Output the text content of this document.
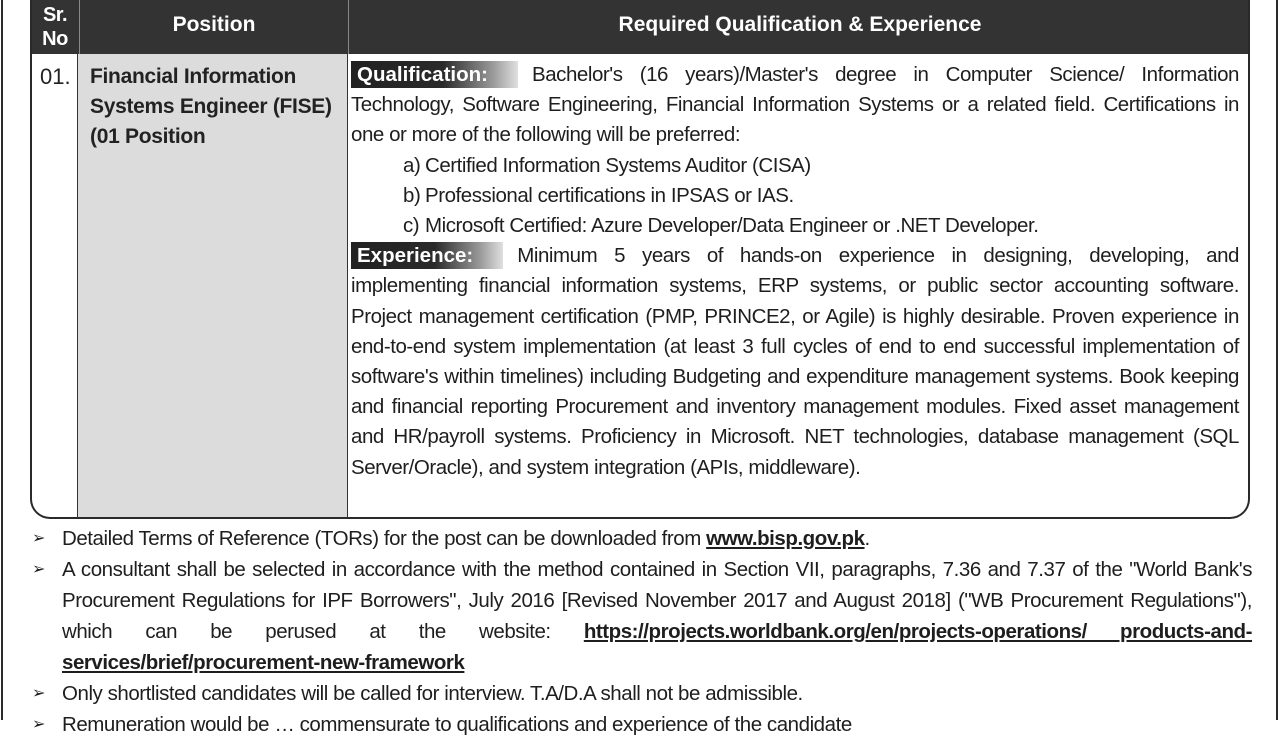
Sr.
No
Position	Required Qualification & Experience
01. Financial Information Systems Engineer (FISE) (01 Position

Qualification: Bachelor's (16 years)/Master's degree in Computer Science/ Information Technology, Software Engineering, Financial Information Systems or a related field. Certifications in one or more of the following will be preferred:

a) Certified Information Systems Auditor (CISA)
b) Professional certifications in IPSAS or IAS.
c) Microsoft Certified: Azure Developer/Data Engineer or .NET Developer.

Experience: Minimum 5 years of hands-on experience in designing, developing, and implementing financial information systems, ERP systems, or public sector accounting software. Project management certification (PMP, PRINCE2, or Agile) is highly desirable. Proven experience in end-to-end system implementation (at least 3 full cycles of end to end successful implementation of software's within timelines) including Budgeting and expenditure management systems. Book keeping and financial reporting Procurement and inventory management modules. Fixed asset management and HR/payroll systems. Proficiency in Microsoft. NET technologies, database management (SQL Server/Oracle), and system integration (APIs, middleware).

➢ Detailed Terms of Reference (TORs) for the post can be downloaded from www.bisp.gov.pk.
➢ A consultant shall be selected in accordance with the method contained in Section VII, paragraphs, 7.36 and 7.37 of the "World Bank's Procurement Regulations for IPF Borrowers", July 2016 [Revised November 2017 and August 2018] ("WB Procurement Regulations"), which can be perused at the website: https://projects.worldbank.org/en/projects-operations/ products-and-services/brief/procurement-new-framework
➢ Only shortlisted candidates will be called for interview. T.A/D.A shall not be admissible.
➢ Remuneration would be … commensurate to qualifications and experience of the candidate
